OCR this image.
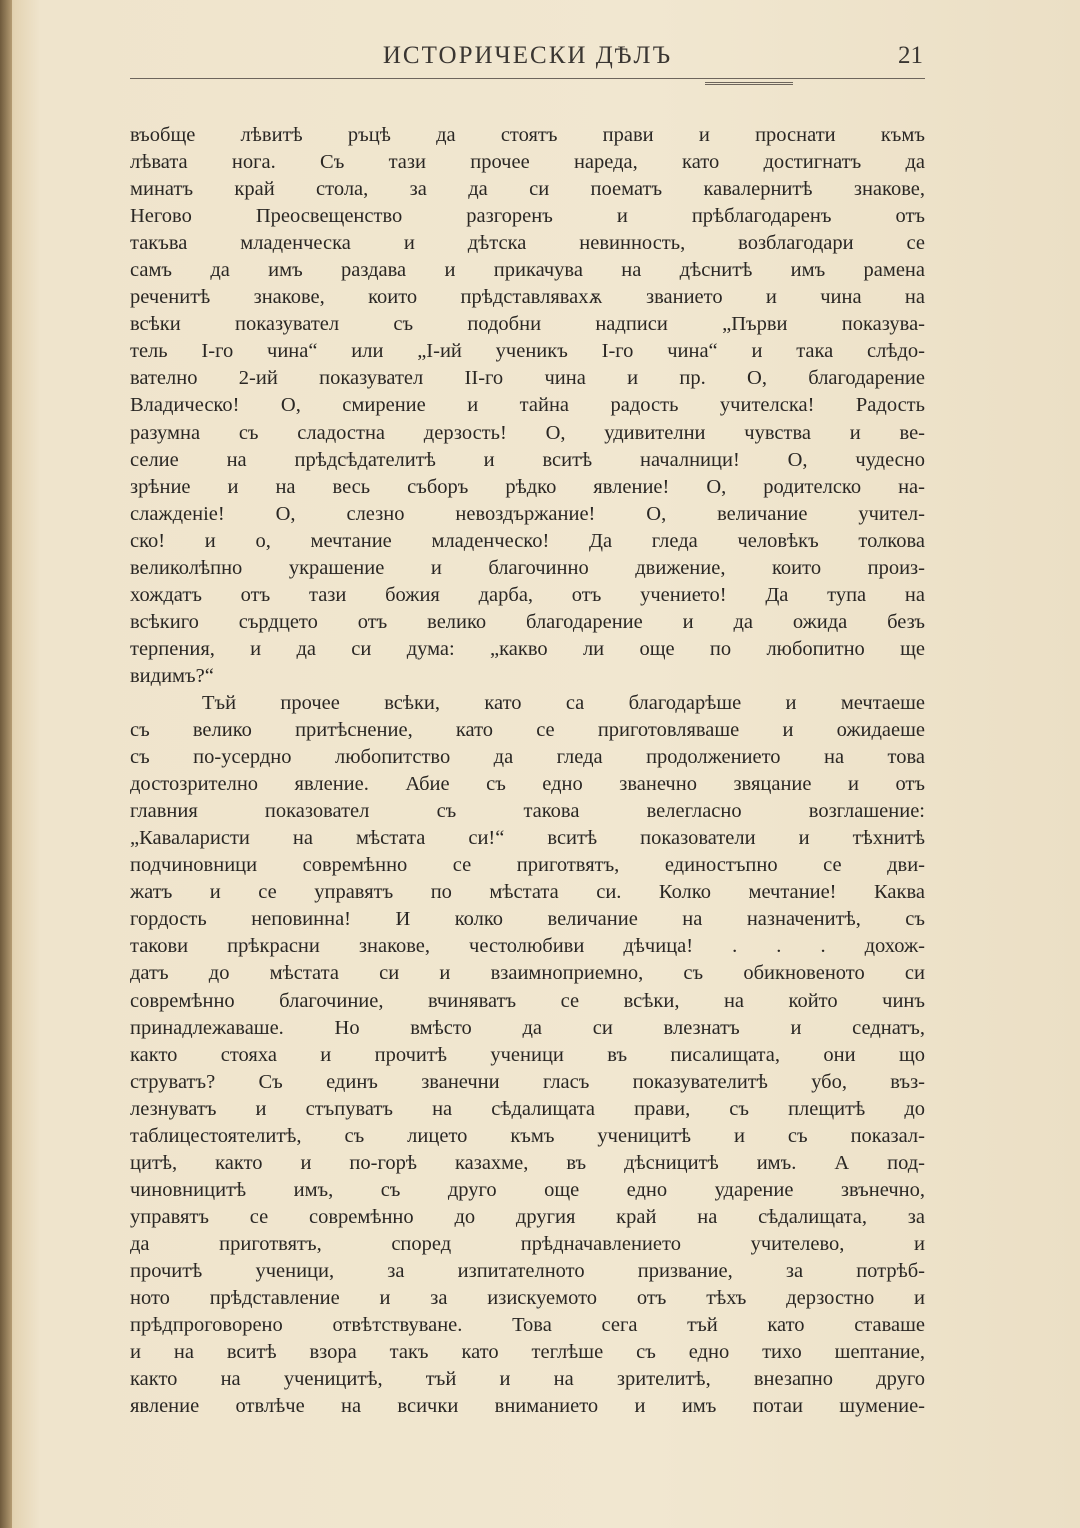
ИСТОРИЧЕСКИ ДѢЛЪ	21
въобще лѣвитѣ ръцѣ да стоятъ прави и проснати къмъ
лѣвата нога. Съ тази прочее нареда, като достигнатъ да
минатъ край стола, за да си поематъ кавалернитѣ знакове,
Негово Преосвещенство разгоренъ и прѣблагодаренъ отъ
такъва младенческа и дѣтска невинность, возблагодари се
самъ да имъ раздава и прикачува на дѣснитѣ имъ рамена
реченитѣ знакове, които прѣдставлявахѫ званието и чина на
всѣки показувател съ подобни надписи „Първи показува-
тель I-го чина“ или „I-ий ученикъ I-го чина“ и така слѣдо-
вателно 2-ий показувател II-го чина и пр. О, благодарение
Владическо! О, смирение и тайна радость учителска! Радость
разумна съ сладостна дерзость! О, удивителни чувства и ве-
селие на прѣдсѣдателитѣ и вситѣ началници! О, чудесно
зрѣние и на весь съборъ рѣдко явление! О, родителско на-
слажденіе! О, слезно невоздържание! О, величание учител-
ско! и о, мечтание младенческо! Да гледа человѣкъ толкова
великолѣпно украшение и благочинно движение, които произ-
хождатъ отъ тази божия дарба, отъ учението! Да тупа на
всѣкиго сърдцето отъ велико благодарение и да ожида безъ
терпения, и да си дума: „какво ли още по любопитно ще
видимъ?“
Тъй прочее всѣки, като са благодарѣше и мечтаеше
съ велико притѣснение, като се приготовляваше и ожидаеше
съ по-усердно любопитство да гледа продолжението на това
достозрително явление. Абие съ едно званечно звяцание и отъ
главния показовател съ такова велегласно возглашение:
„Каваларисти на мѣстата си!“ вситѣ показователи и тѣхнитѣ
подчиновници совремѣнно се приготвятъ, единостъпно се дви-
жатъ и се управятъ по мѣстата си. Колко мечтание! Каква
гордость неповинна! И колко величание на назначенитѣ, съ
такови прѣкрасни знакове, честолюбиви дѣчица! . . . дохож-
датъ до мѣстата си и взаимноприемно, съ обикновеното си
совремѣнно благочиние, вчиняватъ се всѣки, на който чинъ
принадлежаваше. Но вмѣсто да си влезнатъ и седнатъ,
както стояха и прочитѣ ученици въ писалищата, они що
струватъ? Съ единъ званечни гласъ показувателитѣ убо, въз-
лезнуватъ и стъпуватъ на сѣдалищата прави, съ плещитѣ до
таблицестоятелитѣ, съ лицето къмъ ученицитѣ и съ показал-
цитѣ, както и по-горѣ казахме, въ дѣсницитѣ имъ. А под-
чиновницитѣ имъ, съ друго още едно ударение звънечно,
управятъ се совремѣнно до другия край на сѣдалищата, за
да приготвятъ, според прѣдначавлението учителево, и
прочитѣ ученици, за изпитателното призвание, за потрѣб-
ното прѣдставление и за изискуемото отъ тѣхъ дерзостно и
прѣдпроговорено отвѣтствуване. Това сега тъй като ставаше
и на вситѣ взора такъ като теглѣше съ едно тихо шептание,
както на ученицитѣ, тъй и на зрителитѣ, внезапно друго
явление отвлѣче на всички вниманието и имъ потаи шумение-
